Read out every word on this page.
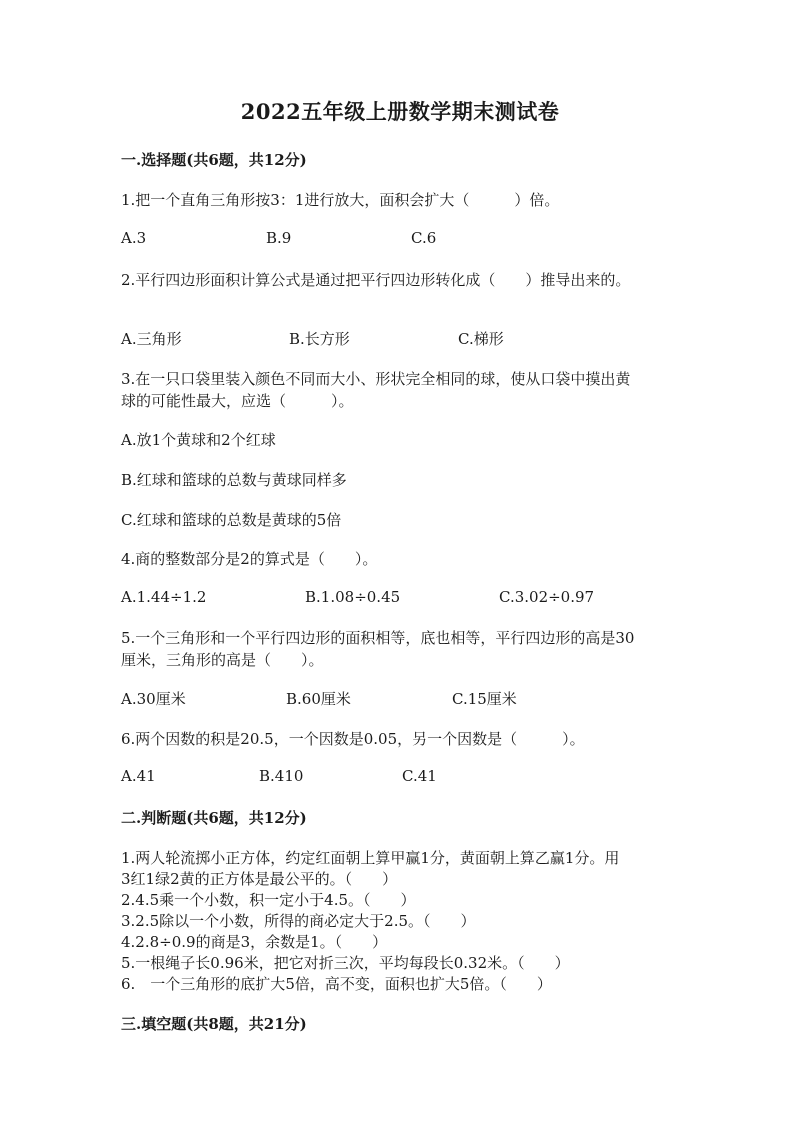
2022五年级上册数学期末测试卷
一.选择题(共6题，共12分)
1.把一个直角三角形按3：1进行放大，面积会扩大（　　　）倍。
A.3	B.9	C.6
2.平行四边形面积计算公式是通过把平行四边形转化成（　　）推导出来的。
A.三角形	B.长方形	C.梯形
3.在一只口袋里装入颜色不同而大小、形状完全相同的球，使从口袋中摸出黄
球的可能性最大，应选（　　　）。
A.放1个黄球和2个红球
B.红球和篮球的总数与黄球同样多
C.红球和篮球的总数是黄球的5倍
4.商的整数部分是2的算式是（　　）。
A.1.44÷1.2	B.1.08÷0.45	C.3.02÷0.97
5.一个三角形和一个平行四边形的面积相等，底也相等，平行四边形的高是30
厘米，三角形的高是（　　）。
A.30厘米	B.60厘米	C.15厘米
6.两个因数的积是20.5，一个因数是0.05，另一个因数是（　　　）。
A.41	B.410	C.41
二.判断题(共6题，共12分)
1.两人轮流掷小正方体，约定红面朝上算甲赢1分，黄面朝上算乙赢1分。用
3红1绿2黄的正方体是最公平的。（　　）
2.4.5乘一个小数，积一定小于4.5。（　　）
3.2.5除以一个小数，所得的商必定大于2.5。（　　）
4.2.8÷0.9的商是3，余数是1。（　　）
5.一根绳子长0.96米，把它对折三次，平均每段长0.32米。（　　）
6.　一个三角形的底扩大5倍，高不变，面积也扩大5倍。（　　）
三.填空题(共8题，共21分)
